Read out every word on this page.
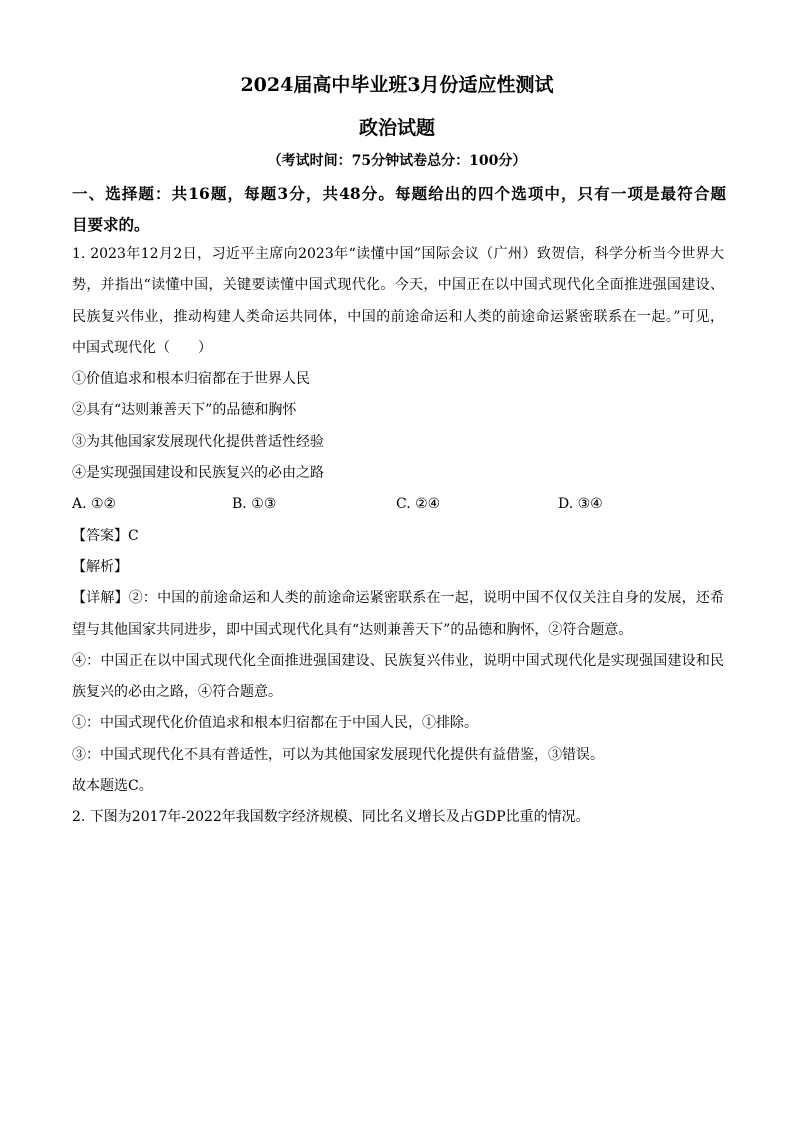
2024届高中毕业班3月份适应性测试
政治试题
（考试时间：75分钟试卷总分：100分）
一、选择题：共16题，每题3分，共48分。每题给出的四个选项中，只有一项是最符合题
目要求的。
1. 2023年12月2日，习近平主席向2023年“读懂中国”国际会议（广州）致贺信，科学分析当今世界大
势，并指出“读懂中国，关键要读懂中国式现代化。今天，中国正在以中国式现代化全面推进强国建设、
民族复兴伟业，推动构建人类命运共同体，中国的前途命运和人类的前途命运紧密联系在一起。”可见，
中国式现代化（　　）
①价值追求和根本归宿都在于世界人民
②具有“达则兼善天下”的品德和胸怀
③为其他国家发展现代化提供普适性经验
④是实现强国建设和民族复兴的必由之路
A. ①②	B. ①③	C. ②④	D. ③④
【答案】C
【解析】
【详解】②：中国的前途命运和人类的前途命运紧密联系在一起，说明中国不仅仅关注自身的发展，还希
望与其他国家共同进步，即中国式现代化具有“达则兼善天下”的品德和胸怀，②符合题意。
④：中国正在以中国式现代化全面推进强国建设、民族复兴伟业，说明中国式现代化是实现强国建设和民
族复兴的必由之路，④符合题意。
①：中国式现代化价值追求和根本归宿都在于中国人民，①排除。
③：中国式现代化不具有普适性，可以为其他国家发展现代化提供有益借鉴，③错误。
故本题选C。
2. 下图为2017年-2022年我国数字经济规模、同比名义增长及占GDP比重的情况。
